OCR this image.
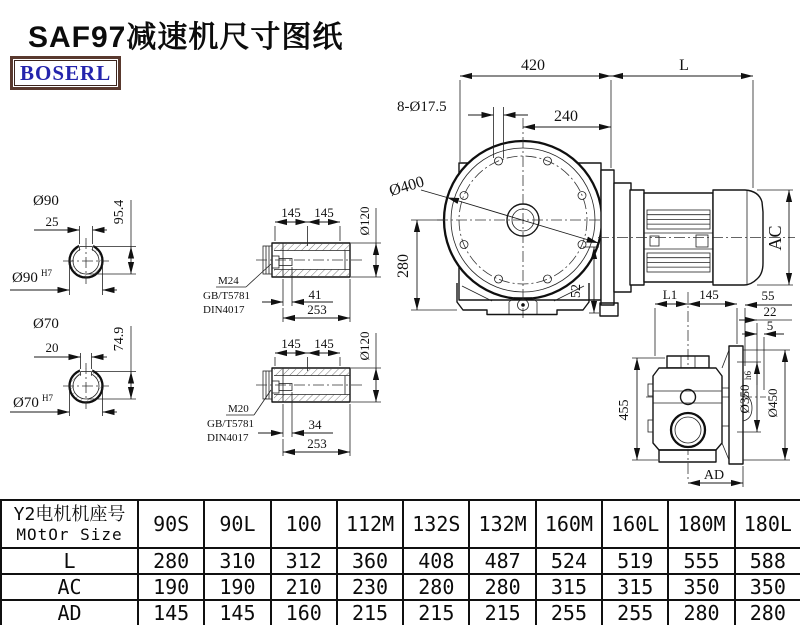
SAF97减速机尺寸图纸
BOSERL
Ø400
420	L
8-Ø17.5
240
280
52
AC
Ø90
25	95.4
Ø90 H7
Ø70
20	74.9
Ø70 H7
145 145 Ø120
M24
GB/T5781
DIN4017
41
253
145 145 Ø120
M20
GB/T5781
DIN4017
34
253
L1 145	55
22
5
455	Ø350
h6
Ø450
AD
Y2电机机座号
MOtOr Size	90S	90L	100	112M	132S	132M	160M	160L	180M	180L
L	280	310	312	360	408	487	524	519	555	588
AC	190	190	210	230	280	280	315	315	350	350
AD	145	145	160	215	215	215	255	255	280	280
